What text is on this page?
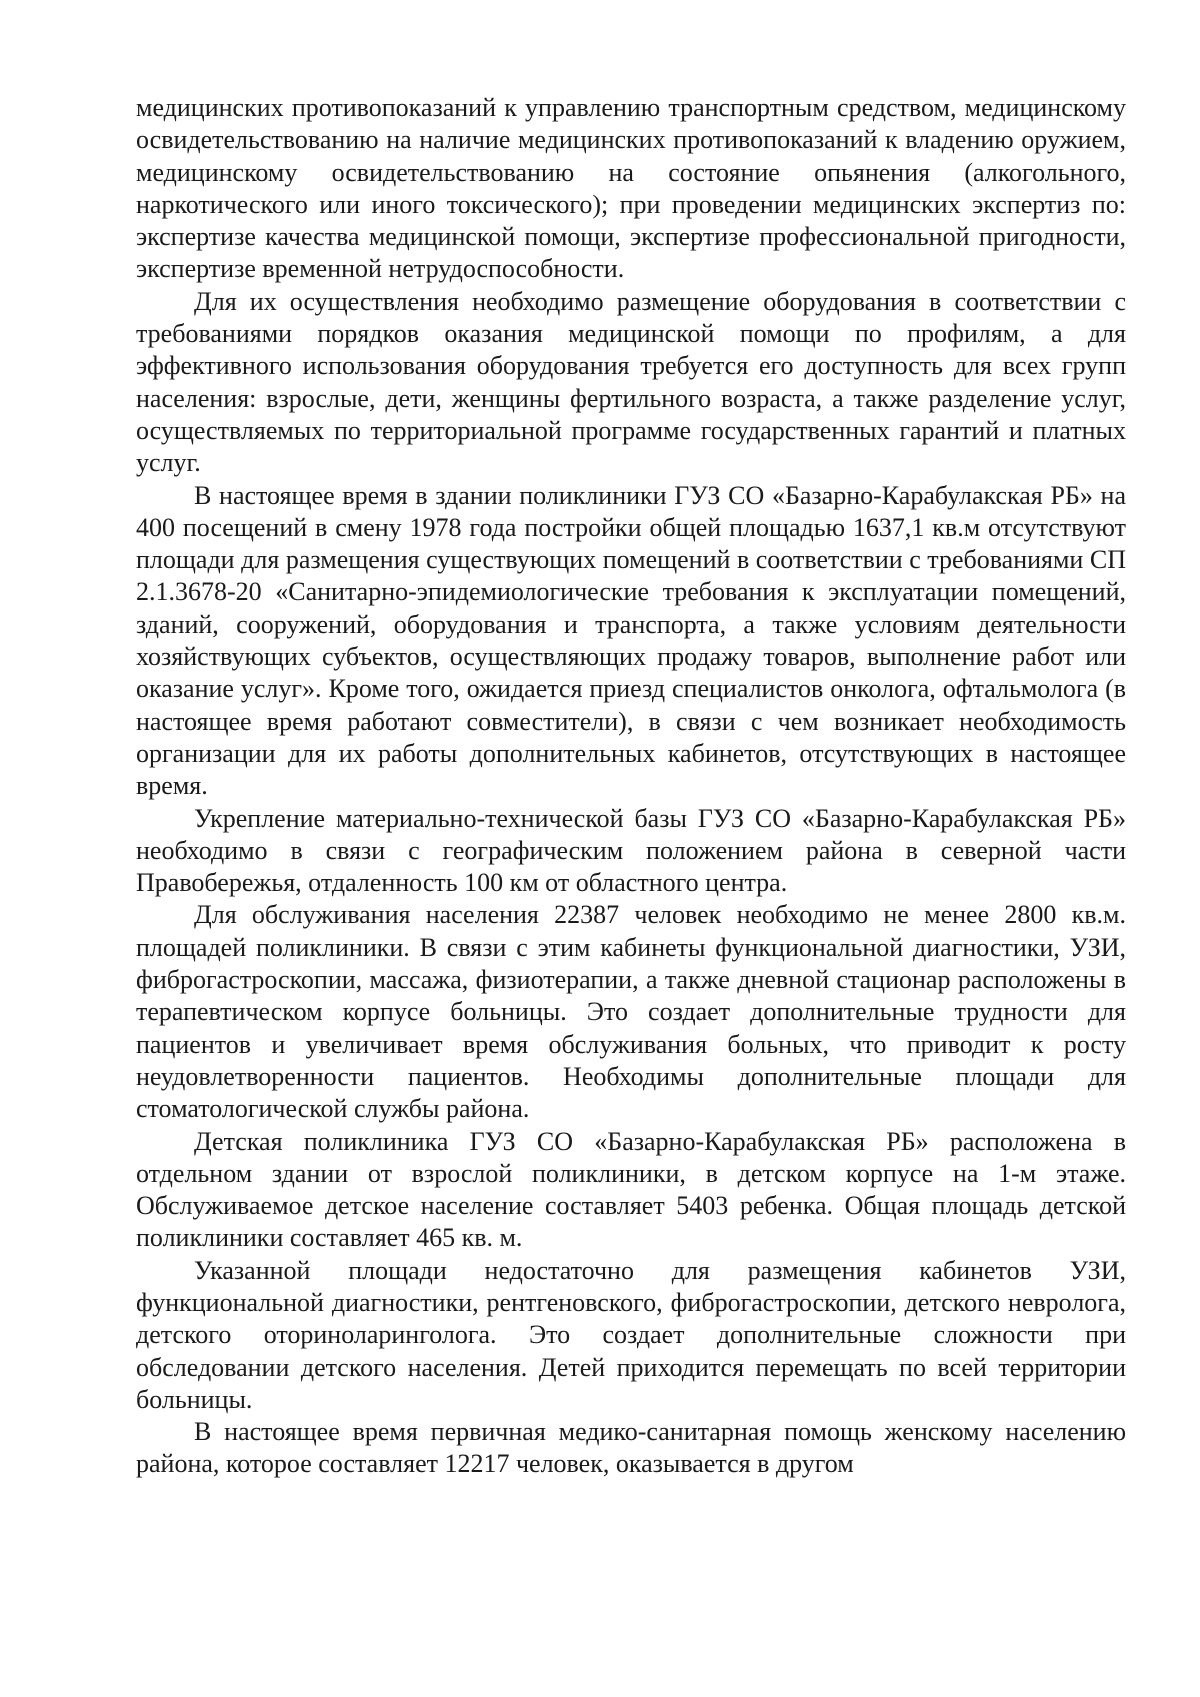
медицинских противопоказаний к управлению транспортным средством, медицинскому освидетельствованию на наличие медицинских противопоказаний к владению оружием, медицинскому освидетельствованию на состояние опьянения (алкогольного, наркотического или иного токсического); при проведении медицинских экспертиз по: экспертизе качества медицинской помощи, экспертизе профессиональной пригодности, экспертизе временной нетрудоспособности.

Для их осуществления необходимо размещение оборудования в соответствии с требованиями порядков оказания медицинской помощи по профилям, а для эффективного использования оборудования требуется его доступность для всех групп населения: взрослые, дети, женщины фертильного возраста, а также разделение услуг, осуществляемых по территориальной программе государственных гарантий и платных услуг.

В настоящее время в здании поликлиники ГУЗ СО «Базарно-Карабулакская РБ» на 400 посещений в смену 1978 года постройки общей площадью 1637,1 кв.м отсутствуют площади для размещения существующих помещений в соответствии с требованиями СП 2.1.3678-20 «Санитарно-эпидемиологические требования к эксплуатации помещений, зданий, сооружений, оборудования и транспорта, а также условиям деятельности хозяйствующих субъектов, осуществляющих продажу товаров, выполнение работ или оказание услуг». Кроме того, ожидается приезд специалистов онколога, офтальмолога (в настоящее время работают совместители), в связи с чем возникает необходимость организации для их работы дополнительных кабинетов, отсутствующих в настоящее время.

Укрепление материально-технической базы ГУЗ СО «Базарно-Карабулакская РБ» необходимо в связи с географическим положением района в северной части Правобережья, отдаленность 100 км от областного центра.

Для обслуживания населения 22387 человек необходимо не менее 2800 кв.м. площадей поликлиники. В связи с этим кабинеты функциональной диагностики, УЗИ, фиброгастроскопии, массажа, физиотерапии, а также дневной стационар расположены в терапевтическом корпусе больницы. Это создает дополнительные трудности для пациентов и увеличивает время обслуживания больных, что приводит к росту неудовлетворенности пациентов. Необходимы дополнительные площади для стоматологической службы района.

Детская поликлиника ГУЗ СО «Базарно-Карабулакская РБ» расположена в отдельном здании от взрослой поликлиники, в детском корпусе на 1-м этаже. Обслуживаемое детское население составляет 5403 ребенка. Общая площадь детской поликлиники составляет 465 кв. м.

Указанной площади недостаточно для размещения кабинетов УЗИ, функциональной диагностики, рентгеновского, фиброгастроскопии, детского невролога, детского оториноларинголога. Это создает дополнительные сложности при обследовании детского населения. Детей приходится перемещать по всей территории больницы.

В настоящее время первичная медико-санитарная помощь женскому населению района, которое составляет 12217 человек, оказывается в другом
